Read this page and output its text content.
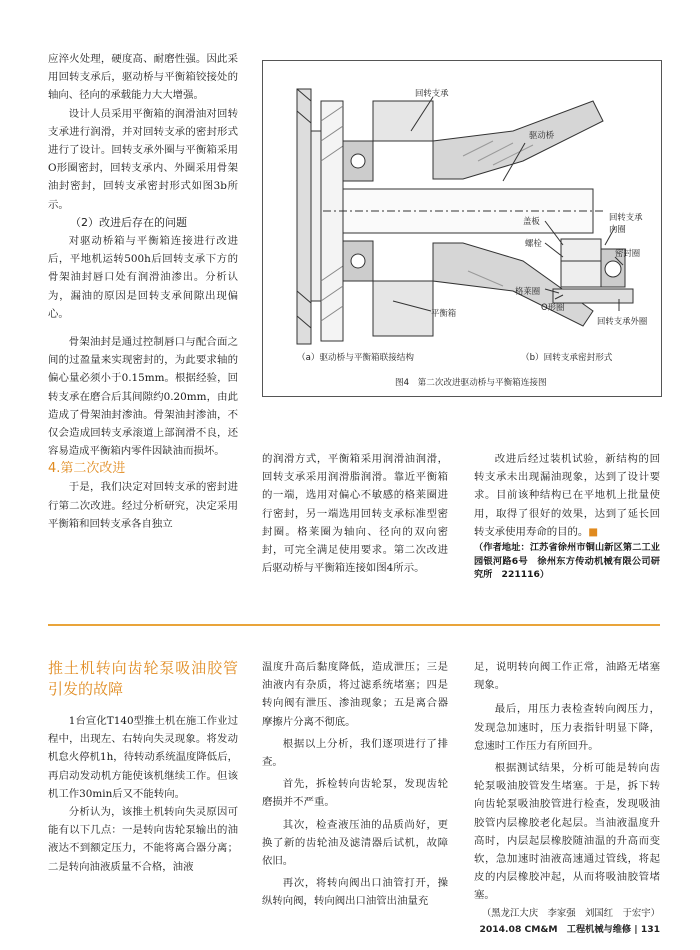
应淬火处理，硬度高、耐磨性强。因此采用回转支承后，驱动桥与平衡箱铰接处的轴向、径向的承载能力大大增强。

设计人员采用平衡箱的润滑油对回转支承进行润滑，并对回转支承的密封形式进行了设计。回转支承外圈与平衡箱采用O形圈密封，回转支承内、外圈采用骨架油封密封，回转支承密封形式如图3b所示。

（2）改进后存在的问题

对驱动桥箱与平衡箱连接进行改进后，平地机运转500h后回转支承下方的骨架油封唇口处有润滑油渗出。分析认为，漏油的原因是回转支承间隙出现偏心。

骨架油封是通过控制唇口与配合面之间的过盈量来实现密封的，为此要求轴的偏心量必须小于0.15mm。根据经验，回转支承在磨合后其间隙约0.20mm，由此造成了骨架油封渗油。骨架油封渗油，不仅会造成回转支承滚道上部润滑不良，还容易造成平衡箱内零件因缺油而损坏。

4.第二次改进

于是，我们决定对回转支承的密封进行第二次改进。经过分析研究，决定采用平衡箱和回转支承各自独立

回转支承
驱动桥
平衡箱
盖板
螺栓
格莱圈
O形圈
回转支承
内圈
密封圈
回转支承外圈
（a）驱动桥与平衡箱联接结构	（b）回转支承密封形式
图4　第二次改进驱动桥与平衡箱连接图

的润滑方式，平衡箱采用润滑油润滑，回转支承采用润滑脂润滑。靠近平衡箱的一端，选用对偏心不敏感的格莱圈进行密封，另一端选用回转支承标准型密封圈。格莱圈为轴向、径向的双向密封，可完全满足使用要求。第二次改进后驱动桥与平衡箱连接如图4所示。

改进后经过装机试验，新结构的回转支承未出现漏油现象，达到了设计要求。目前该种结构已在平地机上批量使用，取得了很好的效果，达到了延长回转支承使用寿命的目的。■

（作者地址：江苏省徐州市铜山新区第二工业园银河路6号　徐州东方传动机械有限公司研究所　221116）

推土机转向齿轮泵吸油胶管引发的故障

1台宣化T140型推土机在施工作业过程中，出现左、右转向失灵现象。将发动机怠火停机1h，待转动系统温度降低后，再启动发动机方能使该机继续工作。但该机工作30min后又不能转向。

分析认为，该推土机转向失灵原因可能有以下几点：一是转向齿轮泵输出的油液达不到额定压力，不能将离合器分离；二是转向油液质量不合格，油液

温度升高后黏度降低，造成泄压；三是油液内有杂质，将过滤系统堵塞；四是转向阀有泄压、渗油现象；五是离合器摩擦片分离不彻底。

根据以上分析，我们逐项进行了排查。

首先，拆检转向齿轮泵，发现齿轮磨损并不严重。

其次，检查液压油的品质尚好，更换了新的齿轮油及滤清器后试机，故障依旧。

再次，将转向阀出口油管打开，操纵转向阀，转向阀出口油管出油量充

足，说明转向阀工作正常，油路无堵塞现象。

最后，用压力表检查转向阀压力，发现急加速时，压力表指针明显下降，怠速时工作压力有所回升。

根据测试结果，分析可能是转向齿轮泵吸油胶管发生堵塞。于是，拆下转向齿轮泵吸油胶管进行检查，发现吸油胶管内层橡胶老化起层。当油液温度升高时，内层起层橡胶随油温的升高而变软，急加速时油液高速通过管线，将起皮的内层橡胶冲起，从而将吸油胶管堵塞。

（黑龙江大庆　李家强　刘国红　于宏宇）

2014.08 CM&M　工程机械与维修 | 131
